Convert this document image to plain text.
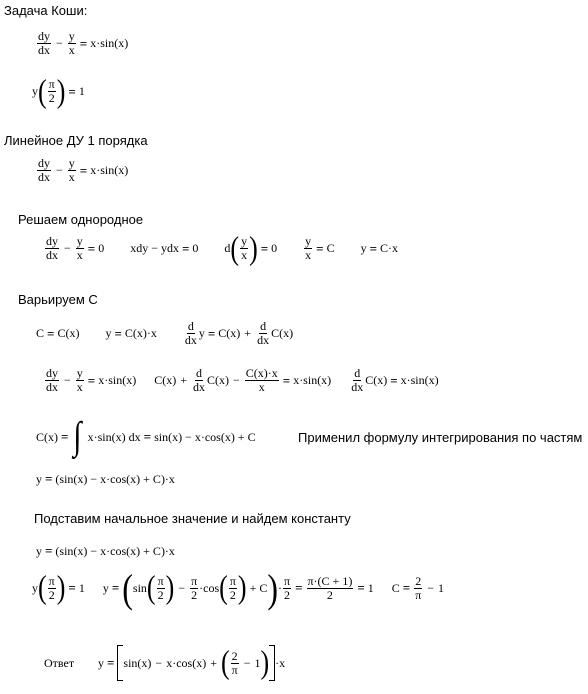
Задача Коши:
Линейное ДУ 1 порядка
Решаем однородное
Варьируем С
Применил формулу интегрирования по частям
Подставим начальное значение и найдем константу
$\frac{dy}{dx} - \frac{y}{x} = x\cdot\sin(x)$
y ( $\frac{\pi}{2}$ ) = 1
$\frac{dy}{dx} - \frac{y}{x} = x\cdot\sin(x)$
$\frac{dy}{dx} - \frac{y}{x} = 0$ xdy − ydx = 0 d ( $\frac{y}{x}$ ) = $0 \frac{y}{x} = C$ y = C·x
C = C(x) $y = C(x)\cdot x \frac{d}{dx}$ $y = C(x) + \frac{d}{dx} C(x)$
$\frac{dy}{dx} - \frac{y}{x} = x\cdot\sin(x) C(x) + \frac{d}{dx} C(x) - \frac{C(x)\cdot x}{x} = x\cdot\sin(x) \frac{d}{dx} C(x) = x\cdot\sin(x)$
C(x) = ∫ x·sin(x) dx = sin(x) − x·cos(x) + C
y = (sin(x) − x·cos(x) + C)·x
y = (sin(x) − x·cos(x) + C)·x
y ( $\frac{\pi}{2}$ ) = 1 y = ( sin ( $\frac{\pi}{2}$ ) − $\frac{\pi}{2} \cdot \cos$ ( $\frac{\pi}{2}$ ) + C ) · $\frac{\pi}{2} = \frac{\pi\cdot(C + 1)}{2} = 1$ $C = \frac{2}{\pi} - 1$
Ответ y = sin(x) − x·cos(x) + ( $\frac{2}{\pi} - 1$ ) · x
